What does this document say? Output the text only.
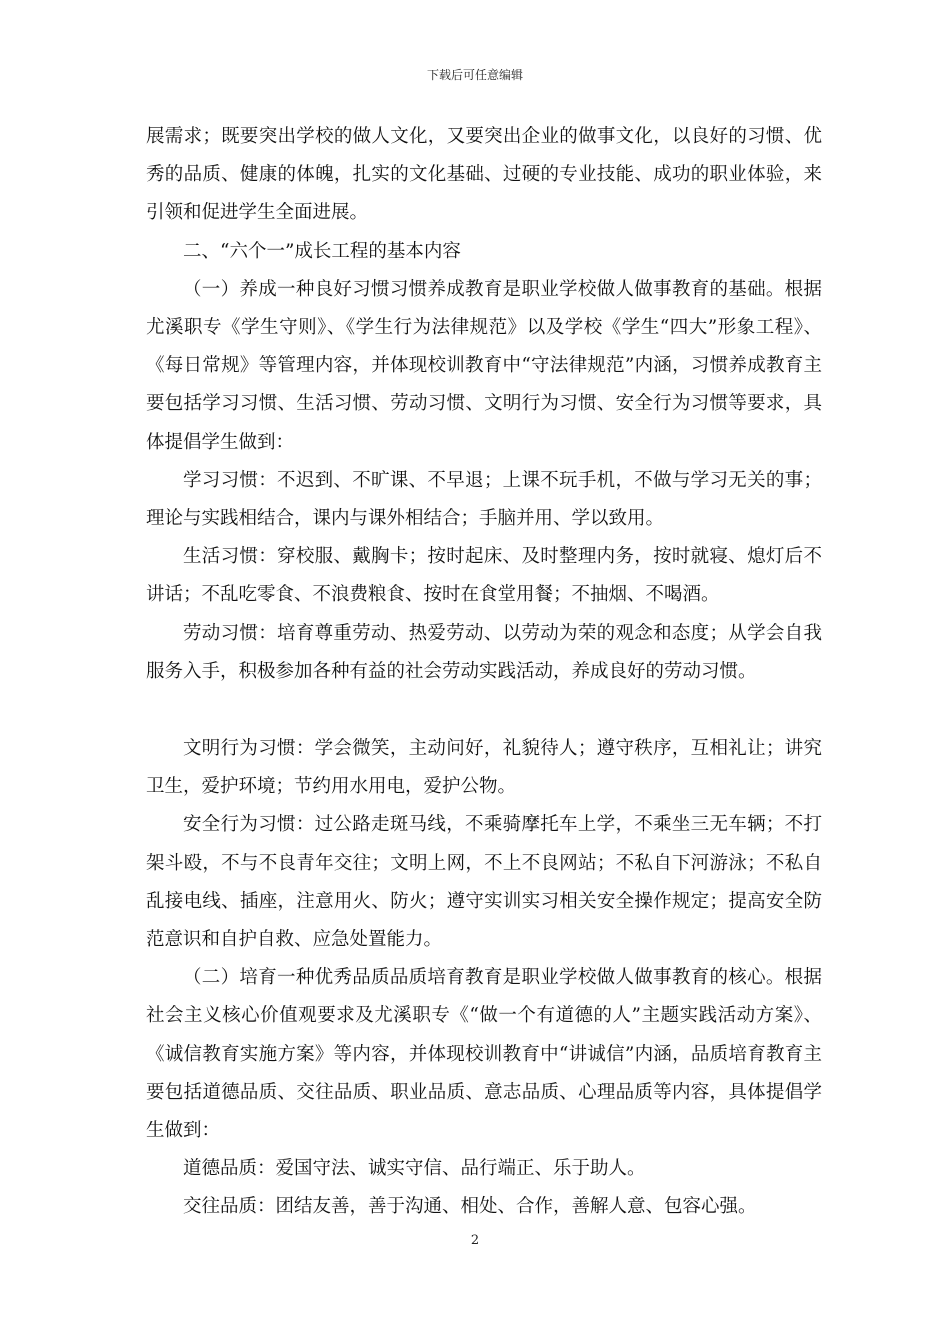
下载后可任意编辑

展需求；既要突出学校的做人文化，又要突出企业的做事文化，以良好的习惯、优秀的品质、健康的体魄，扎实的文化基础、过硬的专业技能、成功的职业体验，来引领和促进学生全面进展。

二、“六个一”成长工程的基本内容

（一）养成一种良好习惯习惯养成教育是职业学校做人做事教育的基础。根据尤溪职专《学生守则》、《学生行为法律规范》以及学校《学生“四大”形象工程》、《每日常规》等管理内容，并体现校训教育中“守法律规范”内涵，习惯养成教育主要包括学习习惯、生活习惯、劳动习惯、文明行为习惯、安全行为习惯等要求，具体提倡学生做到：

学习习惯：不迟到、不旷课、不早退；上课不玩手机，不做与学习无关的事；理论与实践相结合，课内与课外相结合；手脑并用、学以致用。

生活习惯：穿校服、戴胸卡；按时起床、及时整理内务，按时就寝、熄灯后不讲话；不乱吃零食、不浪费粮食、按时在食堂用餐；不抽烟、不喝酒。

劳动习惯：培育尊重劳动、热爱劳动、以劳动为荣的观念和态度；从学会自我服务入手，积极参加各种有益的社会劳动实践活动，养成良好的劳动习惯。

文明行为习惯：学会微笑，主动问好，礼貌待人；遵守秩序，互相礼让；讲究卫生，爱护环境；节约用水用电，爱护公物。

安全行为习惯：过公路走斑马线，不乘骑摩托车上学，不乘坐三无车辆；不打架斗殴，不与不良青年交往；文明上网，不上不良网站；不私自下河游泳；不私自乱接电线、插座，注意用火、防火；遵守实训实习相关安全操作规定；提高安全防范意识和自护自救、应急处置能力。

（二）培育一种优秀品质品质培育教育是职业学校做人做事教育的核心。根据社会主义核心价值观要求及尤溪职专《“做一个有道德的人”主题实践活动方案》、《诚信教育实施方案》等内容，并体现校训教育中“讲诚信”内涵，品质培育教育主要包括道德品质、交往品质、职业品质、意志品质、心理品质等内容，具体提倡学生做到：

道德品质：爱国守法、诚实守信、品行端正、乐于助人。

交往品质：团结友善，善于沟通、相处、合作，善解人意、包容心强。

2
